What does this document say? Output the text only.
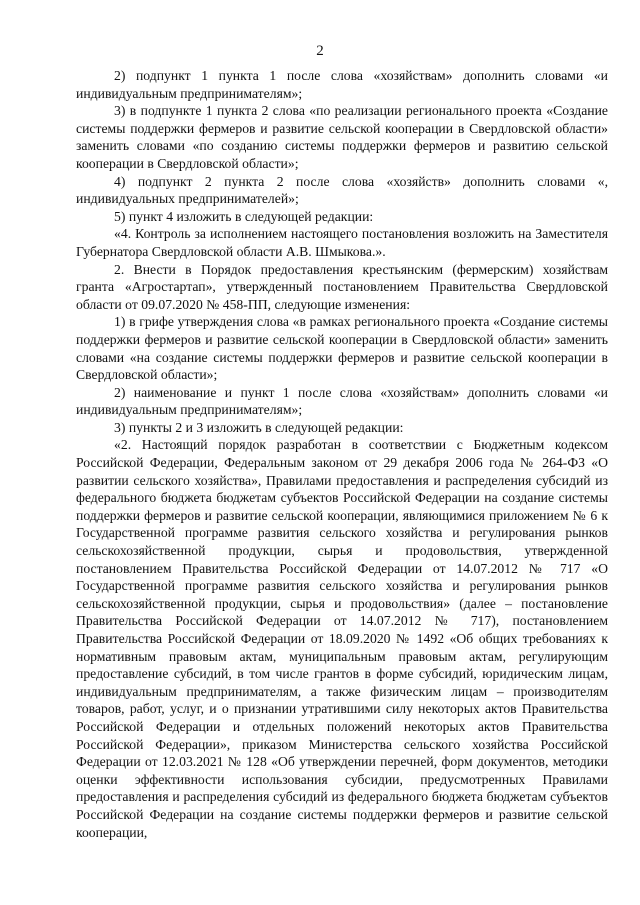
2

2) подпункт 1 пункта 1 после слова «хозяйствам» дополнить словами «и индивидуальным предпринимателям»;

3) в подпункте 1 пункта 2 слова «по реализации регионального проекта «Создание системы поддержки фермеров и развитие сельской кооперации в Свердловской области» заменить словами «по созданию системы поддержки фермеров и развитию сельской кооперации в Свердловской области»;

4) подпункт 2 пункта 2 после слова «хозяйств» дополнить словами «, индивидуальных предпринимателей»;

5) пункт 4 изложить в следующей редакции:

«4. Контроль за исполнением настоящего постановления возложить на Заместителя Губернатора Свердловской области А.В. Шмыкова.».

2. Внести в Порядок предоставления крестьянским (фермерским) хозяйствам гранта «Агростартап», утвержденный постановлением Правительства Свердловской области от 09.07.2020 № 458-ПП, следующие изменения:

1) в грифе утверждения слова «в рамках регионального проекта «Создание системы поддержки фермеров и развитие сельской кооперации в Свердловской области» заменить словами «на создание системы поддержки фермеров и развитие сельской кооперации в Свердловской области»;

2) наименование и пункт 1 после слова «хозяйствам» дополнить словами «и индивидуальным предпринимателям»;

3) пункты 2 и 3 изложить в следующей редакции:

«2. Настоящий порядок разработан в соответствии с Бюджетным кодексом Российской Федерации, Федеральным законом от 29 декабря 2006 года № 264-ФЗ «О развитии сельского хозяйства», Правилами предоставления и распределения субсидий из федерального бюджета бюджетам субъектов Российской Федерации на создание системы поддержки фермеров и развитие сельской кооперации, являющимися приложением № 6 к Государственной программе развития сельского хозяйства и регулирования рынков сельскохозяйственной продукции, сырья и продовольствия, утвержденной постановлением Правительства Российской Федерации от 14.07.2012 № 717 «О Государственной программе развития сельского хозяйства и регулирования рынков сельскохозяйственной продукции, сырья и продовольствия» (далее – постановление Правительства Российской Федерации от 14.07.2012 № 717), постановлением Правительства Российской Федерации от 18.09.2020 № 1492 «Об общих требованиях к нормативным правовым актам, муниципальным правовым актам, регулирующим предоставление субсидий, в том числе грантов в форме субсидий, юридическим лицам, индивидуальным предпринимателям, а также физическим лицам – производителям товаров, работ, услуг, и о признании утратившими силу некоторых актов Правительства Российской Федерации и отдельных положений некоторых актов Правительства Российской Федерации», приказом Министерства сельского хозяйства Российской Федерации от 12.03.2021 № 128 «Об утверждении перечней, форм документов, методики оценки эффективности использования субсидии, предусмотренных Правилами предоставления и распределения субсидий из федерального бюджета бюджетам субъектов Российской Федерации на создание системы поддержки фермеров и развитие сельской кооперации,
